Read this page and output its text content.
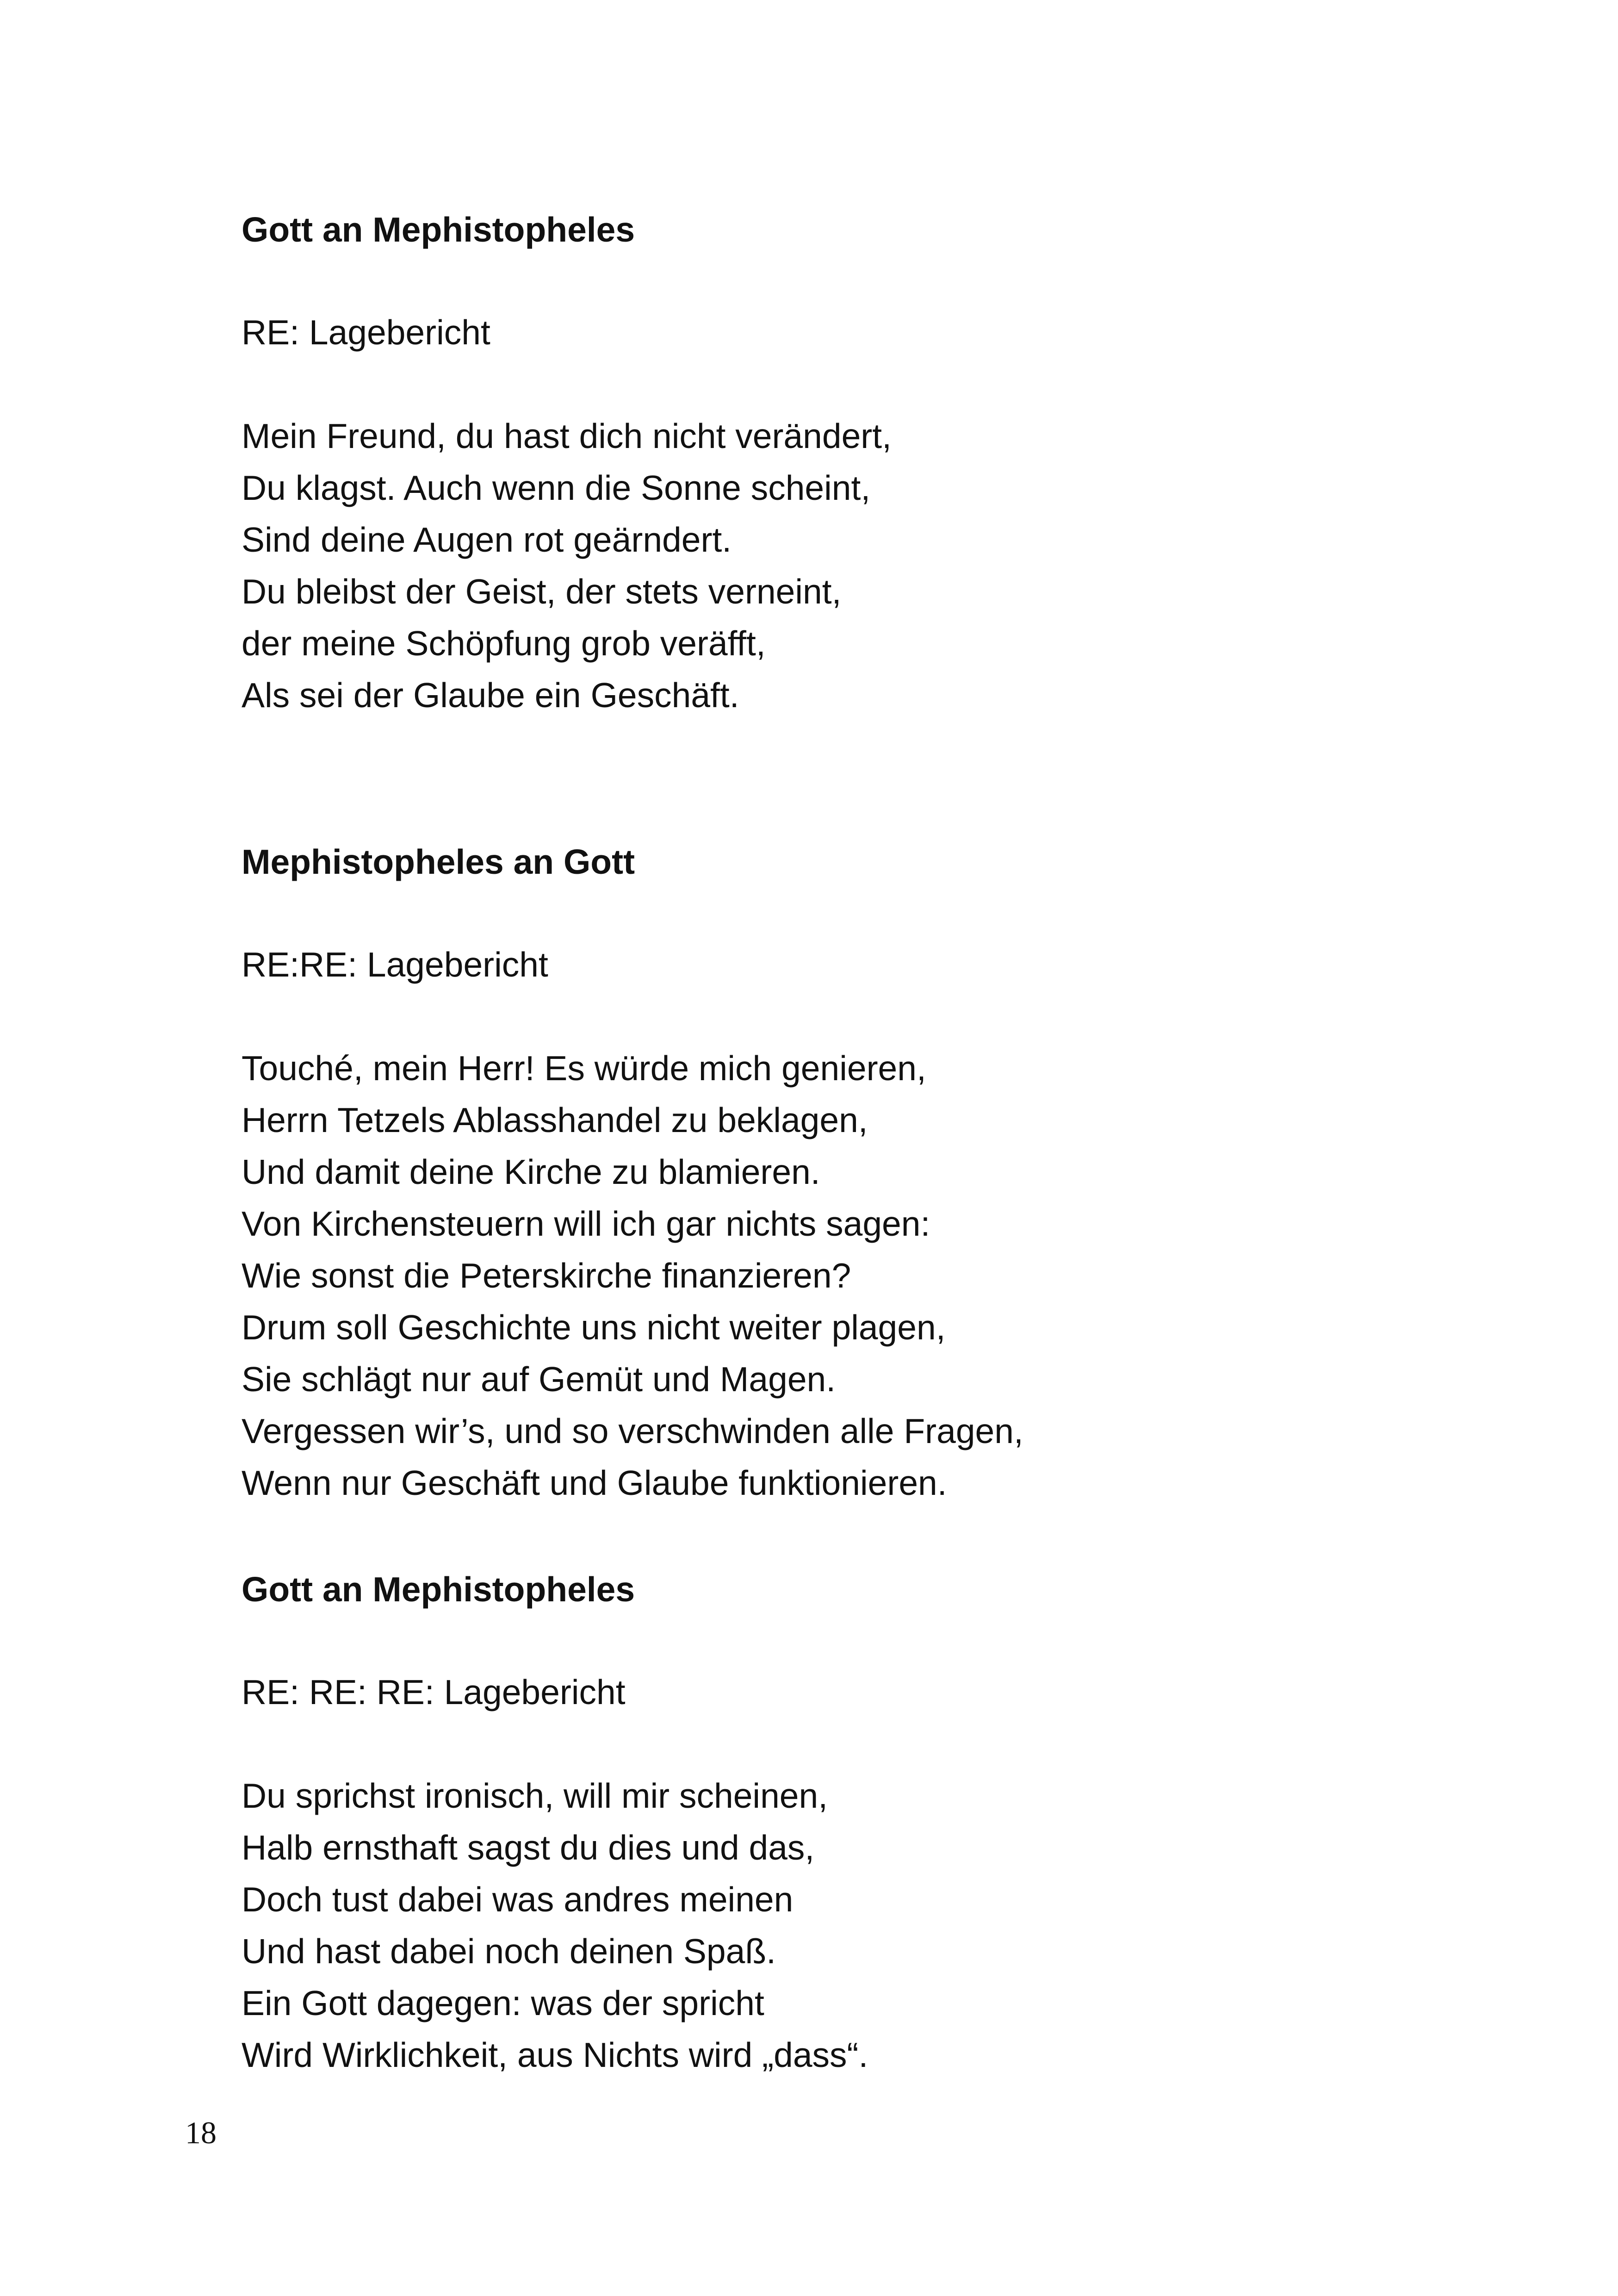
Gott an Mephistopheles

RE: Lagebericht

Mein Freund, du hast dich nicht verändert,
Du klagst. Auch wenn die Sonne scheint,
Sind deine Augen rot geärndert.
Du bleibst der Geist, der stets verneint,
der meine Schöpfung grob veräfft,
Als sei der Glaube ein Geschäft.
Mephistopheles an Gott

RE:RE: Lagebericht

Touché, mein Herr! Es würde mich genieren,
Herrn Tetzels Ablasshandel zu beklagen,
Und damit deine Kirche zu blamieren.
Von Kirchensteuern will ich gar nichts sagen:
Wie sonst die Peterskirche finanzieren?
Drum soll Geschichte uns nicht weiter plagen,
Sie schlägt nur auf Gemüt und Magen.
Vergessen wir’s, und so verschwinden alle Fragen,
Wenn nur Geschäft und Glaube funktionieren.
Gott an Mephistopheles

RE: RE: RE: Lagebericht

Du sprichst ironisch, will mir scheinen,
Halb ernsthaft sagst du dies und das,
Doch tust dabei was andres meinen
Und hast dabei noch deinen Spaß.
Ein Gott dagegen: was der spricht
Wird Wirklichkeit, aus Nichts wird „dass“.
18
